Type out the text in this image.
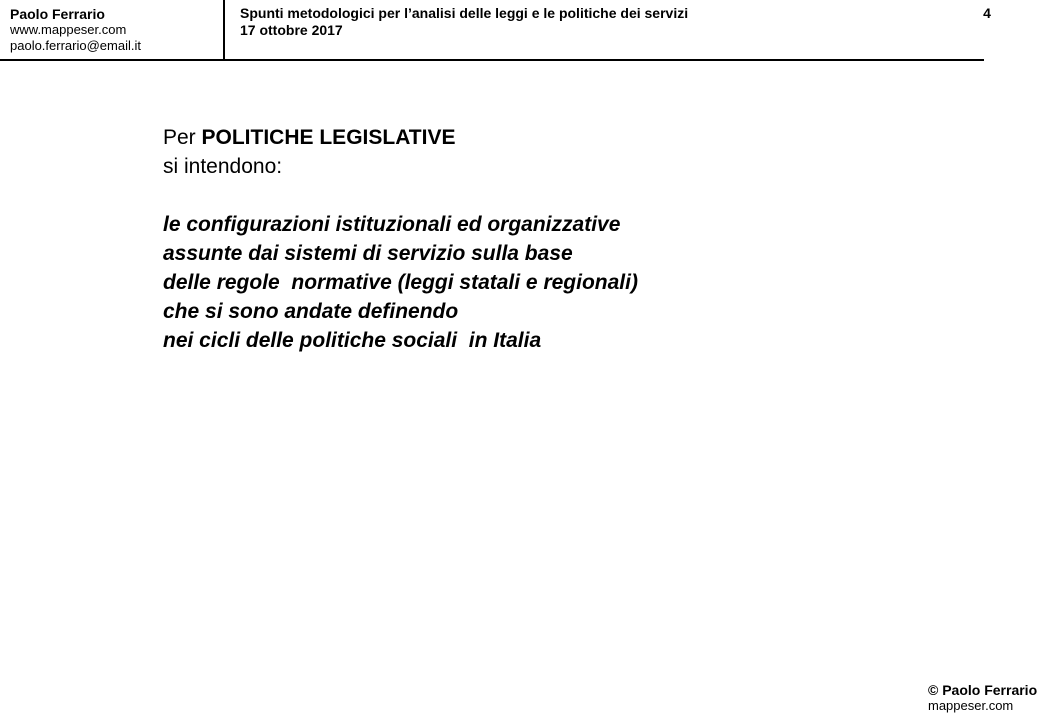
Paolo Ferrario
www.mappeser.com
paolo.ferrario@email.it
Spunti metodologici per l’analisi delle leggi e le politiche dei servizi
17 ottobre 2017
4

Per POLITICHE LEGISLATIVE

si intendono:

le configurazioni istituzionali ed organizzative

assunte dai sistemi di servizio sulla base

delle regole  normative (leggi statali e regionali)

che si sono andate definendo

nei cicli delle politiche sociali  in Italia

© Paolo Ferrario
mappeser.com
